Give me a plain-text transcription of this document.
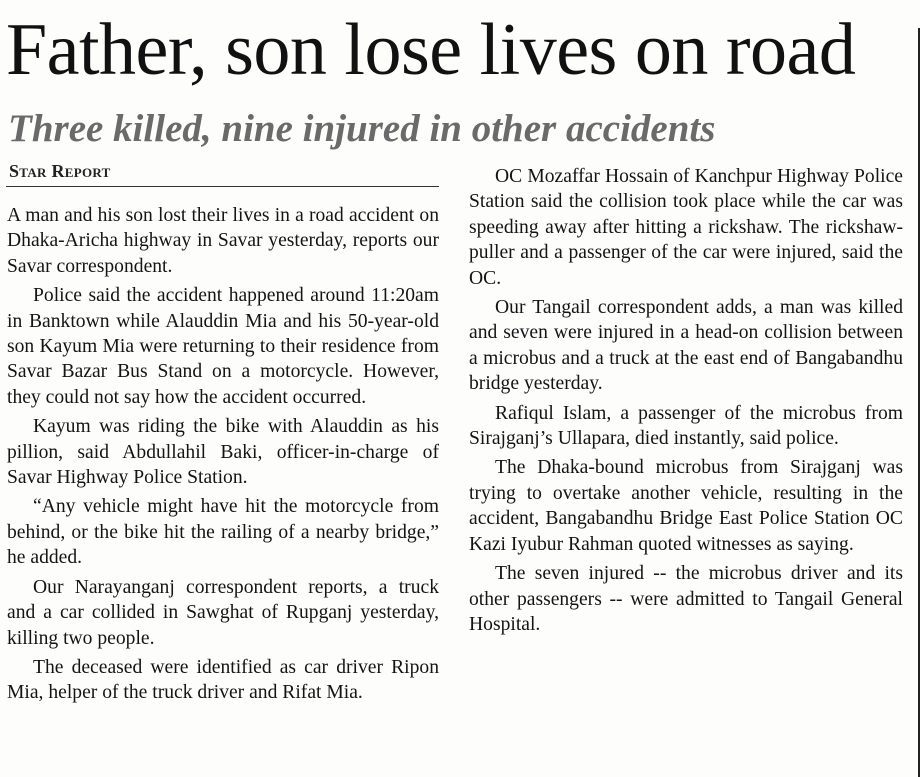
Father, son lose lives on road
Three killed, nine injured in other accidents
Star Report

A man and his son lost their lives in a road accident on Dhaka-Aricha highway in Savar yesterday, reports our Savar correspondent.

Police said the accident happened around 11:20am in Banktown while Alauddin Mia and his 50-year-old son Kayum Mia were returning to their residence from Savar Bazar Bus Stand on a motorcycle. However, they could not say how the accident occurred.

Kayum was riding the bike with Alauddin as his pillion, said Abdullahil Baki, officer-in-charge of Savar Highway Police Station.

“Any vehicle might have hit the motorcycle from behind, or the bike hit the railing of a nearby bridge,” he added.

Our Narayanganj correspondent reports, a truck and a car collided in Sawghat of Rupganj yesterday, killing two people.

The deceased were identified as car driver Ripon Mia, helper of the truck driver and Rifat Mia.

OC Mozaffar Hossain of Kanchpur Highway Police Station said the collision took place while the car was speeding away after hitting a rickshaw. The rickshaw-puller and a passenger of the car were injured, said the OC.

Our Tangail correspondent adds, a man was killed and seven were injured in a head-on collision between a microbus and a truck at the east end of Bangabandhu bridge yesterday.

Rafiqul Islam, a passenger of the microbus from Sirajganj’s Ullapara, died instantly, said police.

The Dhaka-bound microbus from Sirajganj was trying to overtake another vehicle, resulting in the accident, Bangabandhu Bridge East Police Station OC Kazi Iyubur Rahman quoted witnesses as saying.

The seven injured -- the microbus driver and its other passengers -- were admitted to Tangail General Hospital.
